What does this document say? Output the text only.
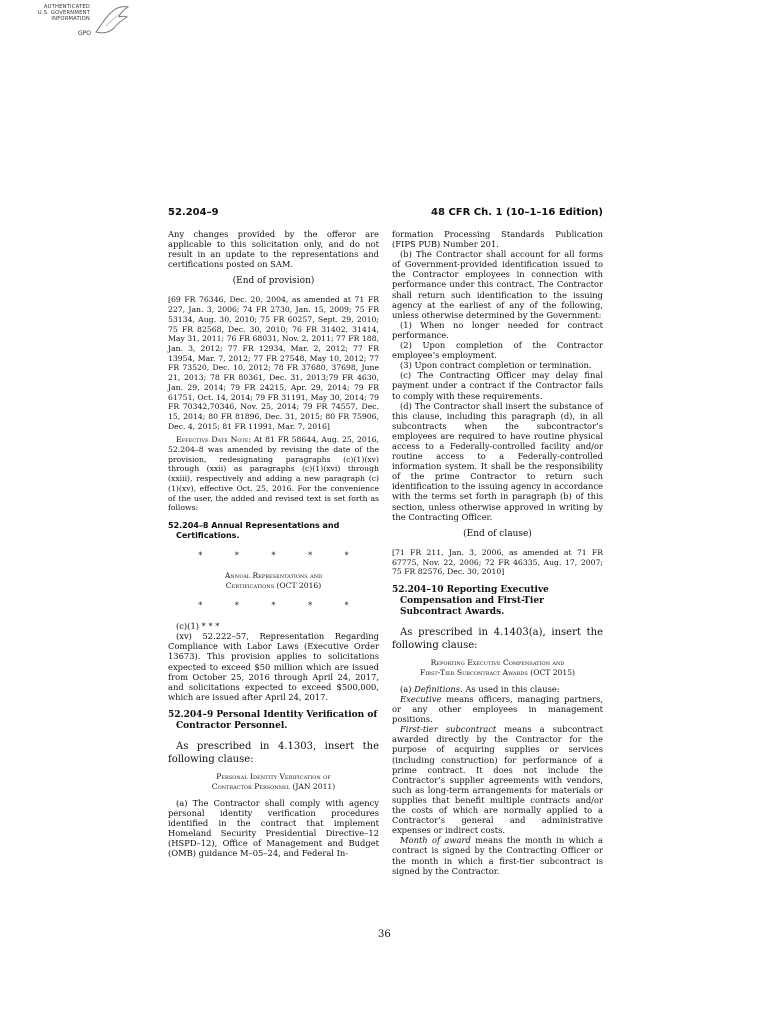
AUTHENTICATED
U.S. GOVERNMENT
INFORMATION
GPO
52.204–9	48 CFR Ch. 1 (10–1–16 Edition)

Any changes provided by the offeror are applicable to this solicitation only, and do not result in an update to the representations and certifications posted on SAM.

(End of provision)

[69 FR 76346, Dec. 20, 2004, as amended at 71 FR 227, Jan. 3, 2006; 74 FR 2730, Jan. 15, 2009; 75 FR 53134, Aug. 30, 2010; 75 FR 60257, Sept. 29, 2010; 75 FR 82568, Dec. 30, 2010; 76 FR 31402, 31414, May 31, 2011; 76 FR 68031, Nov. 2, 2011; 77 FR 188, Jan. 3, 2012; 77 FR 12934, Mar. 2, 2012; 77 FR 13954, Mar. 7, 2012; 77 FR 27548, May 10, 2012; 77 FR 73520, Dec. 10, 2012; 78 FR 37680, 37698, June 21, 2013; 78 FR 80361, Dec. 31, 2013;79 FR 4630, Jan. 29, 2014; 79 FR 24215, Apr. 29, 2014; 79 FR 61751, Oct. 14, 2014; 79 FR 31191, May 30, 2014; 79 FR 70342,70346, Nov. 25, 2014; 79 FR 74557, Dec. 15, 2014; 80 FR 81896, Dec. 31, 2015; 80 FR 75906, Dec. 4, 2015; 81 FR 11991, Mar. 7, 2016]

Effective Date Note: At 81 FR 58644, Aug. 25, 2016, 52.204–8 was amended by revising the date of the provision, redesignating paragraphs (c)(1)(xv) through (xxii) as paragraphs (c)(1)(xvi) through (xxiii), respectively and adding a new paragraph (c)(1)(xv), effective Oct. 25, 2016. For the convenience of the user, the added and revised text is set forth as follows:

52.204–8 Annual Representations and Certifications.
*	*	*	*	*
Annual Representations and
Certifications (OCT 2016)
*	*	*	*	*

(c)(1) * * *

(xv) 52.222–57, Representation Regarding Compliance with Labor Laws (Executive Order 13673). This provision applies to solicitations expected to exceed $50 million which are issued from October 25, 2016 through April 24, 2017, and solicitations expected to exceed $500,000, which are issued after April 24, 2017.

52.204–9 Personal Identity Verification of Contractor Personnel.

As prescribed in 4.1303, insert the following clause:

Personal Identity Verification of
Contractor Personnel (JAN 2011)

(a) The Contractor shall comply with agency personal identity verification procedures identified in the contract that implement Homeland Security Presidential Directive–12 (HSPD–12), Office of Management and Budget (OMB) guidance M–05–24, and Federal In-

formation Processing Standards Publication (FIPS PUB) Number 201.

(b) The Contractor shall account for all forms of Government-provided identification issued to the Contractor employees in connection with performance under this contract. The Contractor shall return such identification to the issuing agency at the earliest of any of the following, unless otherwise determined by the Government:

(1) When no longer needed for contract performance.

(2) Upon completion of the Contractor employee’s employment.

(3) Upon contract completion or termination.

(c) The Contracting Officer may delay final payment under a contract if the Contractor fails to comply with these requirements.

(d) The Contractor shall insert the substance of this clause, including this paragraph (d), in all subcontracts when the subcontractor’s employees are required to have routine physical access to a Federally-controlled facility and/or routine access to a Federally-controlled information system. It shall be the responsibility of the prime Contractor to return such identification to the issuing agency in accordance with the terms set forth in paragraph (b) of this section, unless otherwise approved in writing by the Contracting Officer.

(End of clause)

[71 FR 211, Jan. 3, 2006, as amended at 71 FR 67775, Nov. 22, 2006; 72 FR 46335, Aug. 17, 2007; 75 FR 82576, Dec. 30, 2010]

52.204–10 Reporting Executive Compensation and First-Tier Subcontract Awards.

As prescribed in 4.1403(a), insert the following clause:

Reporting Executive Compensation and
First-Tier Subcontract Awards (OCT 2015)

(a) Definitions. As used in this clause:

Executive means officers, managing partners, or any other employees in management positions.

First-tier subcontract means a subcontract awarded directly by the Contractor for the purpose of acquiring supplies or services (including construction) for performance of a prime contract. It does not include the Contractor’s supplier agreements with vendors, such as long-term arrangements for materials or supplies that benefit multiple contracts and/or the costs of which are normally applied to a Contractor’s general and administrative expenses or indirect costs.

Month of award means the month in which a contract is signed by the Contracting Officer or the month in which a first-tier subcontract is signed by the Contractor.

36
